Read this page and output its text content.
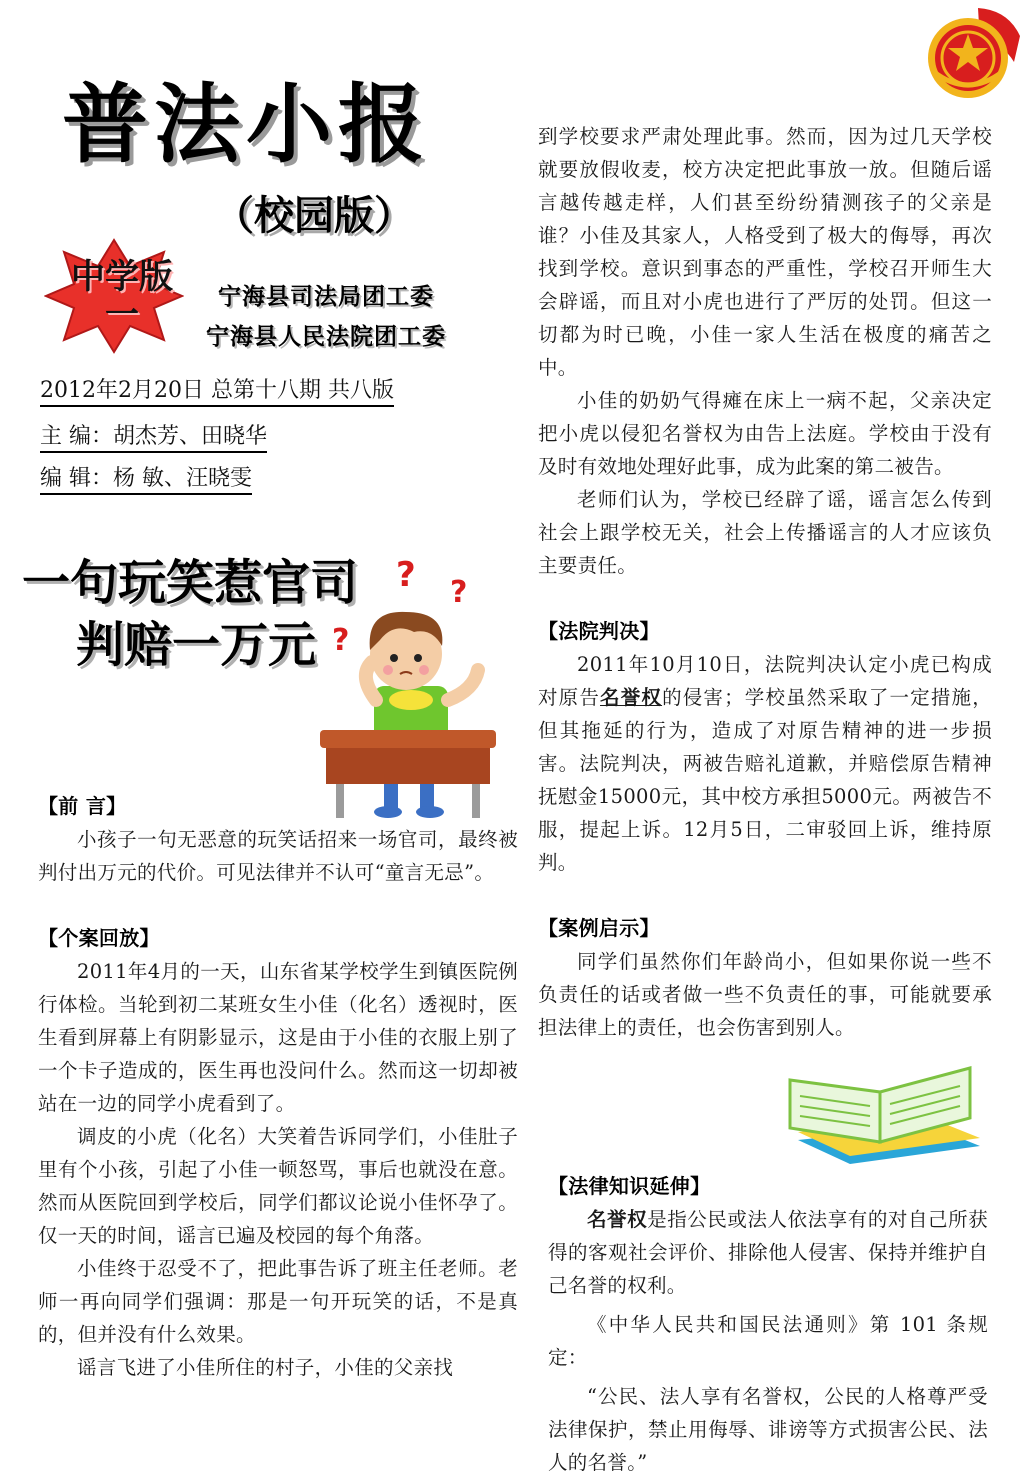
普法小报
（校园版）
中学版
一	宁海县司法局团工委
宁海县人民法院团工委
2012年2月20日 总第十八期 共八版
主 编：胡杰芳、田晓华
编 辑：杨 敏、汪晓雯
一句玩笑惹官司
判赔一万元
? ?
?
【前 言】

小孩子一句无恶意的玩笑话招来一场官司，最终被判付出万元的代价。可见法律并不认可“童言无忌”。

【个案回放】

2011年4月的一天，山东省某学校学生到镇医院例行体检。当轮到初二某班女生小佳（化名）透视时，医生看到屏幕上有阴影显示，这是由于小佳的衣服上别了一个卡子造成的，医生再也没问什么。然而这一切却被站在一边的同学小虎看到了。

调皮的小虎（化名）大笑着告诉同学们，小佳肚子里有个小孩，引起了小佳一顿怒骂，事后也就没在意。然而从医院回到学校后，同学们都议论说小佳怀孕了。仅一天的时间，谣言已遍及校园的每个角落。

小佳终于忍受不了，把此事告诉了班主任老师。老师一再向同学们强调：那是一句开玩笑的话，不是真的，但并没有什么效果。

谣言飞进了小佳所住的村子，小佳的父亲找

到学校要求严肃处理此事。然而，因为过几天学校就要放假收麦，校方决定把此事放一放。但随后谣言越传越走样，人们甚至纷纷猜测孩子的父亲是谁？小佳及其家人，人格受到了极大的侮辱，再次找到学校。意识到事态的严重性，学校召开师生大会辟谣，而且对小虎也进行了严厉的处罚。但这一切都为时已晚，小佳一家人生活在极度的痛苦之中。

小佳的奶奶气得瘫在床上一病不起，父亲决定把小虎以侵犯名誉权为由告上法庭。学校由于没有及时有效地处理好此事，成为此案的第二被告。

老师们认为，学校已经辟了谣，谣言怎么传到社会上跟学校无关，社会上传播谣言的人才应该负主要责任。

【法院判决】

2011年10月10日，法院判决认定小虎已构成对原告名誉权的侵害；学校虽然采取了一定措施，但其拖延的行为，造成了对原告精神的进一步损害。法院判决，两被告赔礼道歉，并赔偿原告精神抚慰金15000元，其中校方承担5000元。两被告不服，提起上诉。12月5日，二审驳回上诉，维持原判。

【案例启示】

同学们虽然你们年龄尚小，但如果你说一些不负责任的话或者做一些不负责任的事，可能就要承担法律上的责任，也会伤害到别人。

【法律知识延伸】

名誉权是指公民或法人依法享有的对自己所获得的客观社会评价、排除他人侵害、保持并维护自己名誉的权利。

《中华人民共和国民法通则》第 101 条规定：

“公民、法人享有名誉权，公民的人格尊严受法律保护，禁止用侮辱、诽谤等方式损害公民、法人的名誉。”
